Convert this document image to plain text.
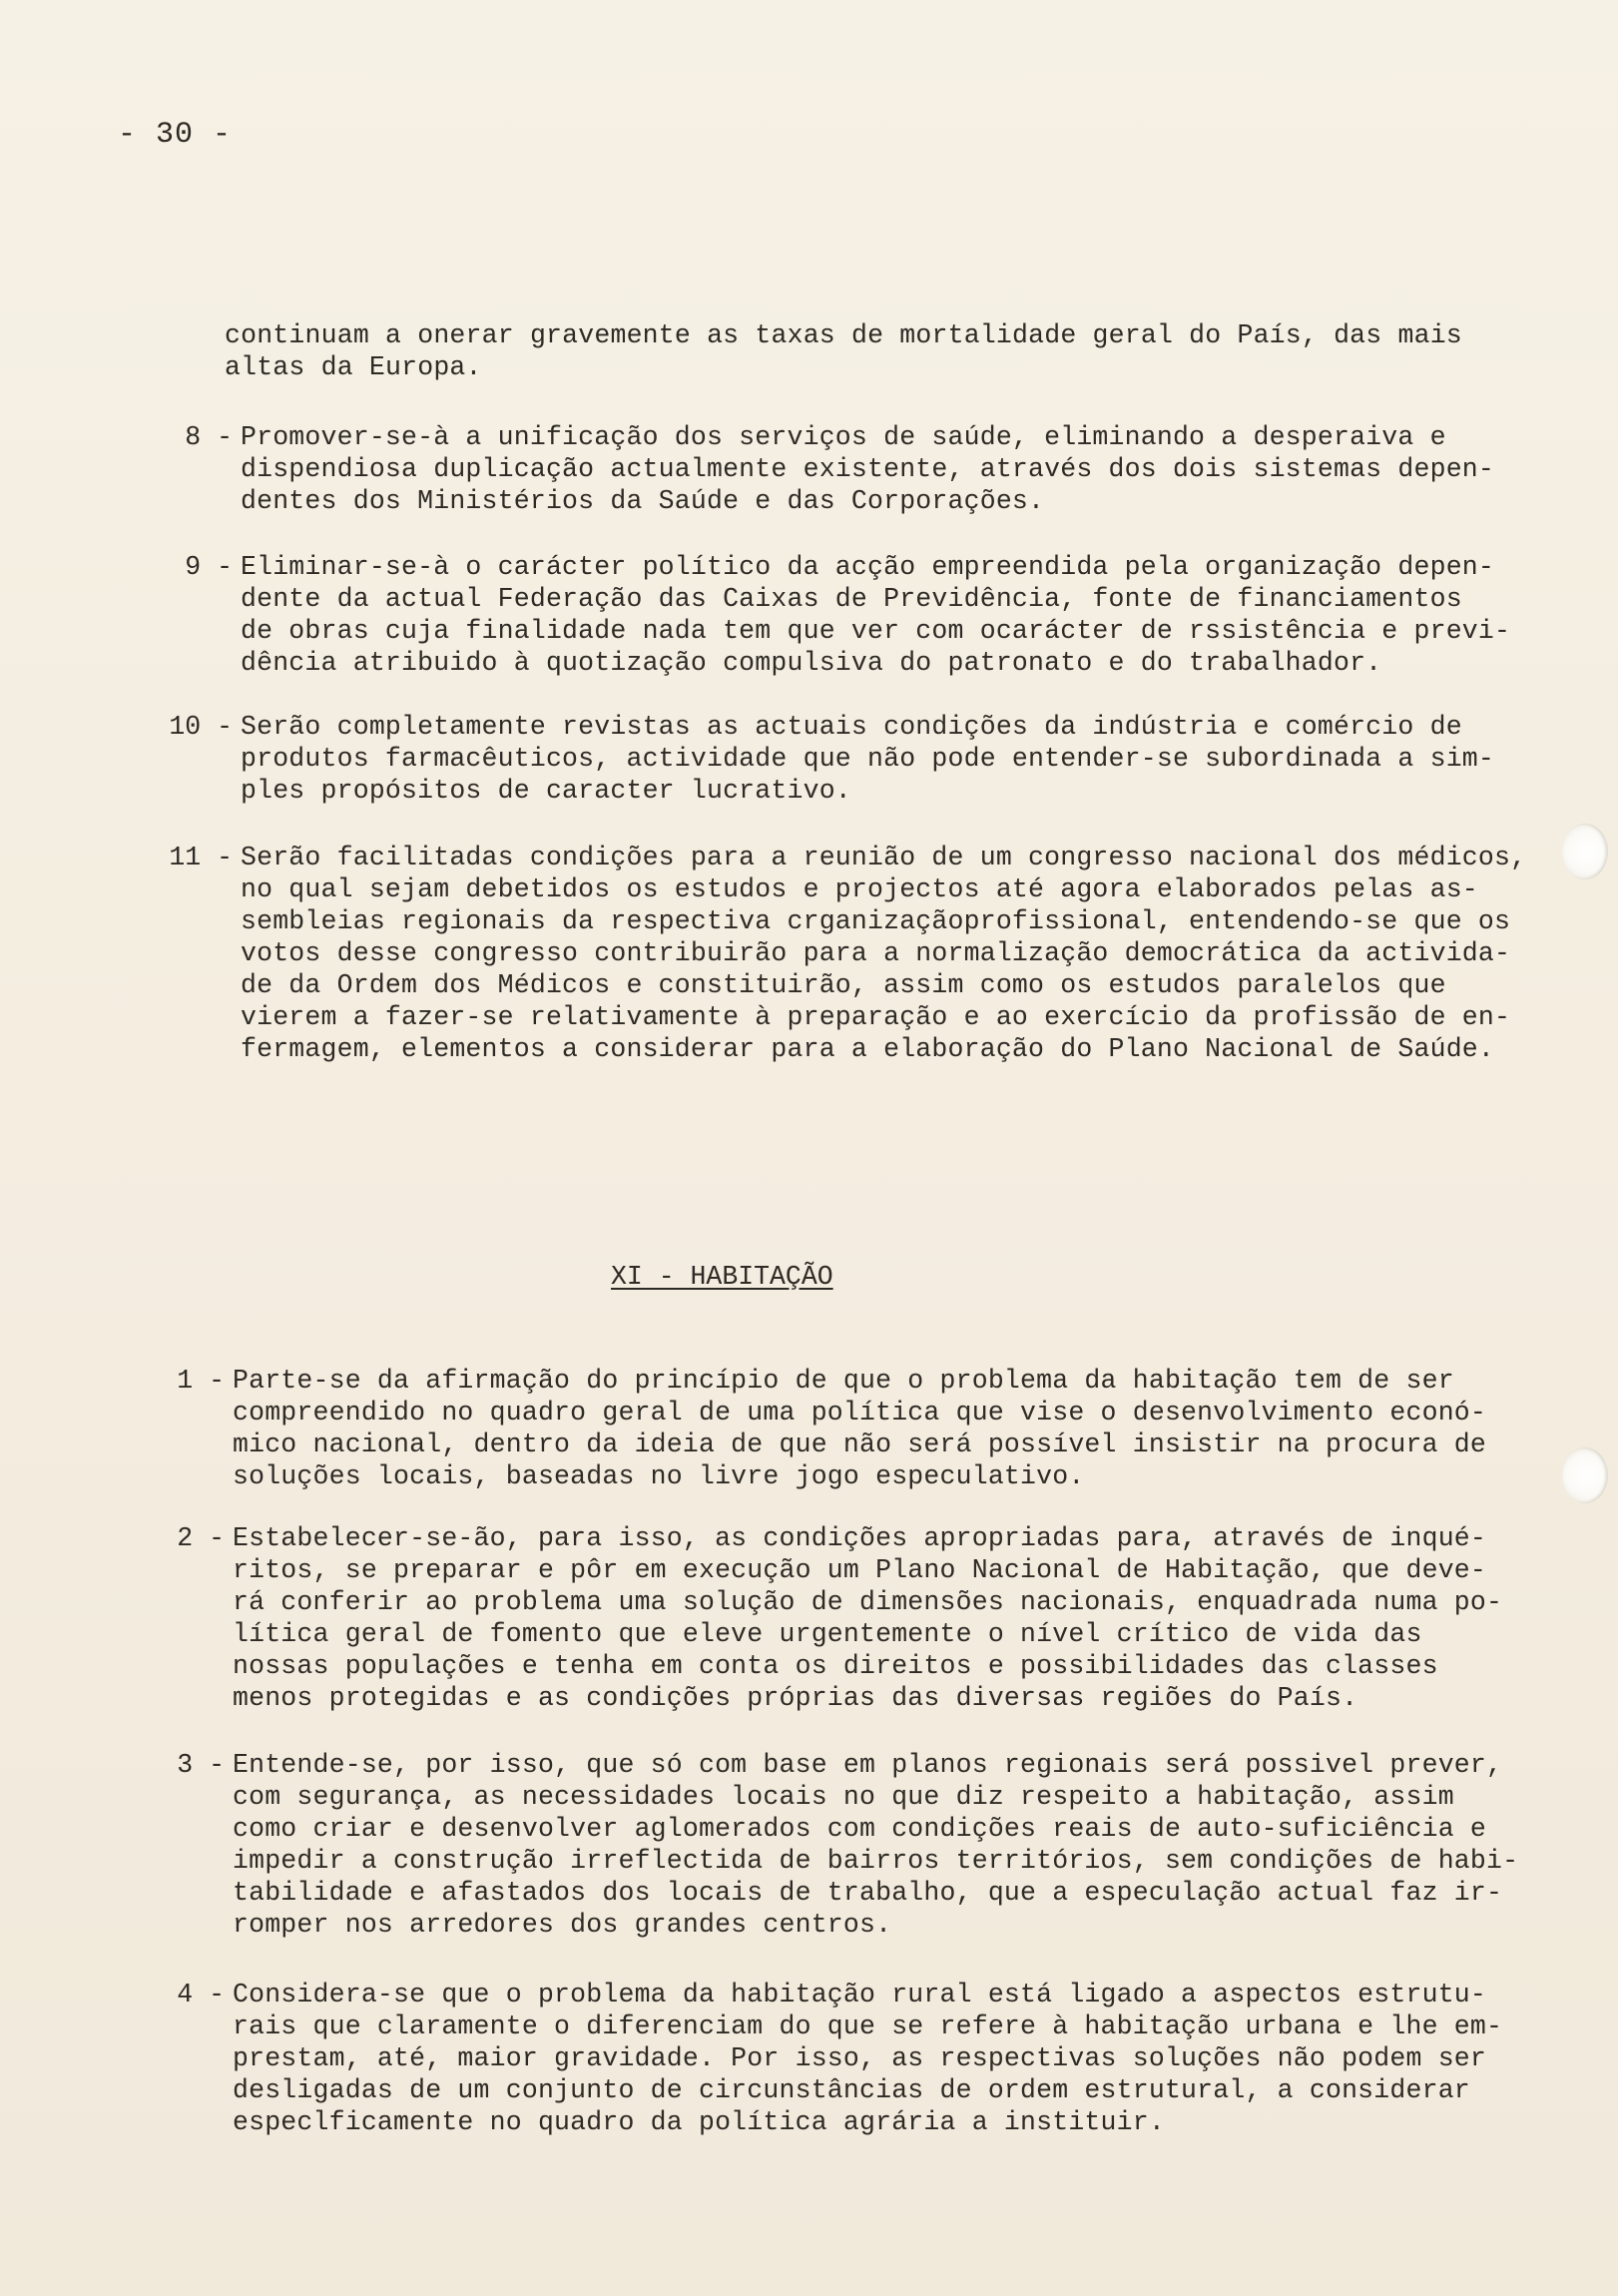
- 30 -
continuam a onerar gravemente as taxas de mortalidade geral do País, das mais
altas da Europa.
8 - Promover-se-à a unificação dos serviços de saúde, eliminando a desperaiva e
dispendiosa duplicação actualmente existente, através dos dois sistemas depen-
dentes dos Ministérios da Saúde e das Corporações.
9 - Eliminar-se-à o carácter político da acção empreendida pela organização depen-
dente da actual Federação das Caixas de Previdência, fonte de financiamentos
de obras cuja finalidade nada tem que ver com ocarácter de rssistência e previ-
dência atribuido à quotização compulsiva do patronato e do trabalhador.
10 - Serão completamente revistas as actuais condições da indústria e comércio de
produtos farmacêuticos, actividade que não pode entender-se subordinada a sim-
ples propósitos de caracter lucrativo.
11 - Serão facilitadas condições para a reunião de um congresso nacional dos médicos,
no qual sejam debetidos os estudos e projectos até agora elaborados pelas as-
sembleias regionais da respectiva crganizaçãoprofissional, entendendo-se que os
votos desse congresso contribuirão para a normalização democrática da activida-
de da Ordem dos Médicos e constituirão, assim como os estudos paralelos que
vierem a fazer-se relativamente à preparação e ao exercício da profissão de en-
fermagem, elementos a considerar para a elaboração do Plano Nacional de Saúde.
XI - HABITAÇÃO
1 - Parte-se da afirmação do princípio de que o problema da habitação tem de ser
compreendido no quadro geral de uma política que vise o desenvolvimento econó-
mico nacional, dentro da ideia de que não será possível insistir na procura de
soluções locais, baseadas no livre jogo especulativo.
2 - Estabelecer-se-ão, para isso, as condições apropriadas para, através de inqué-
ritos, se preparar e pôr em execução um Plano Nacional de Habitação, que deve-
rá conferir ao problema uma solução de dimensões nacionais, enquadrada numa po-
lítica geral de fomento que eleve urgentemente o nível crítico de vida das
nossas populações e tenha em conta os direitos e possibilidades das classes
menos protegidas e as condições próprias das diversas regiões do País.
3 - Entende-se, por isso, que só com base em planos regionais será possivel prever,
com segurança, as necessidades locais no que diz respeito a habitação, assim
como criar e desenvolver aglomerados com condições reais de auto-suficiência e
impedir a construção irreflectida de bairros territórios, sem condições de habi-
tabilidade e afastados dos locais de trabalho, que a especulação actual faz ir-
romper nos arredores dos grandes centros.
4 - Considera-se que o problema da habitação rural está ligado a aspectos estrutu-
rais que claramente o diferenciam do que se refere à habitação urbana e lhe em-
prestam, até, maior gravidade. Por isso, as respectivas soluções não podem ser
desligadas de um conjunto de circunstâncias de ordem estrutural, a considerar
especlficamente no quadro da política agrária a instituir.
